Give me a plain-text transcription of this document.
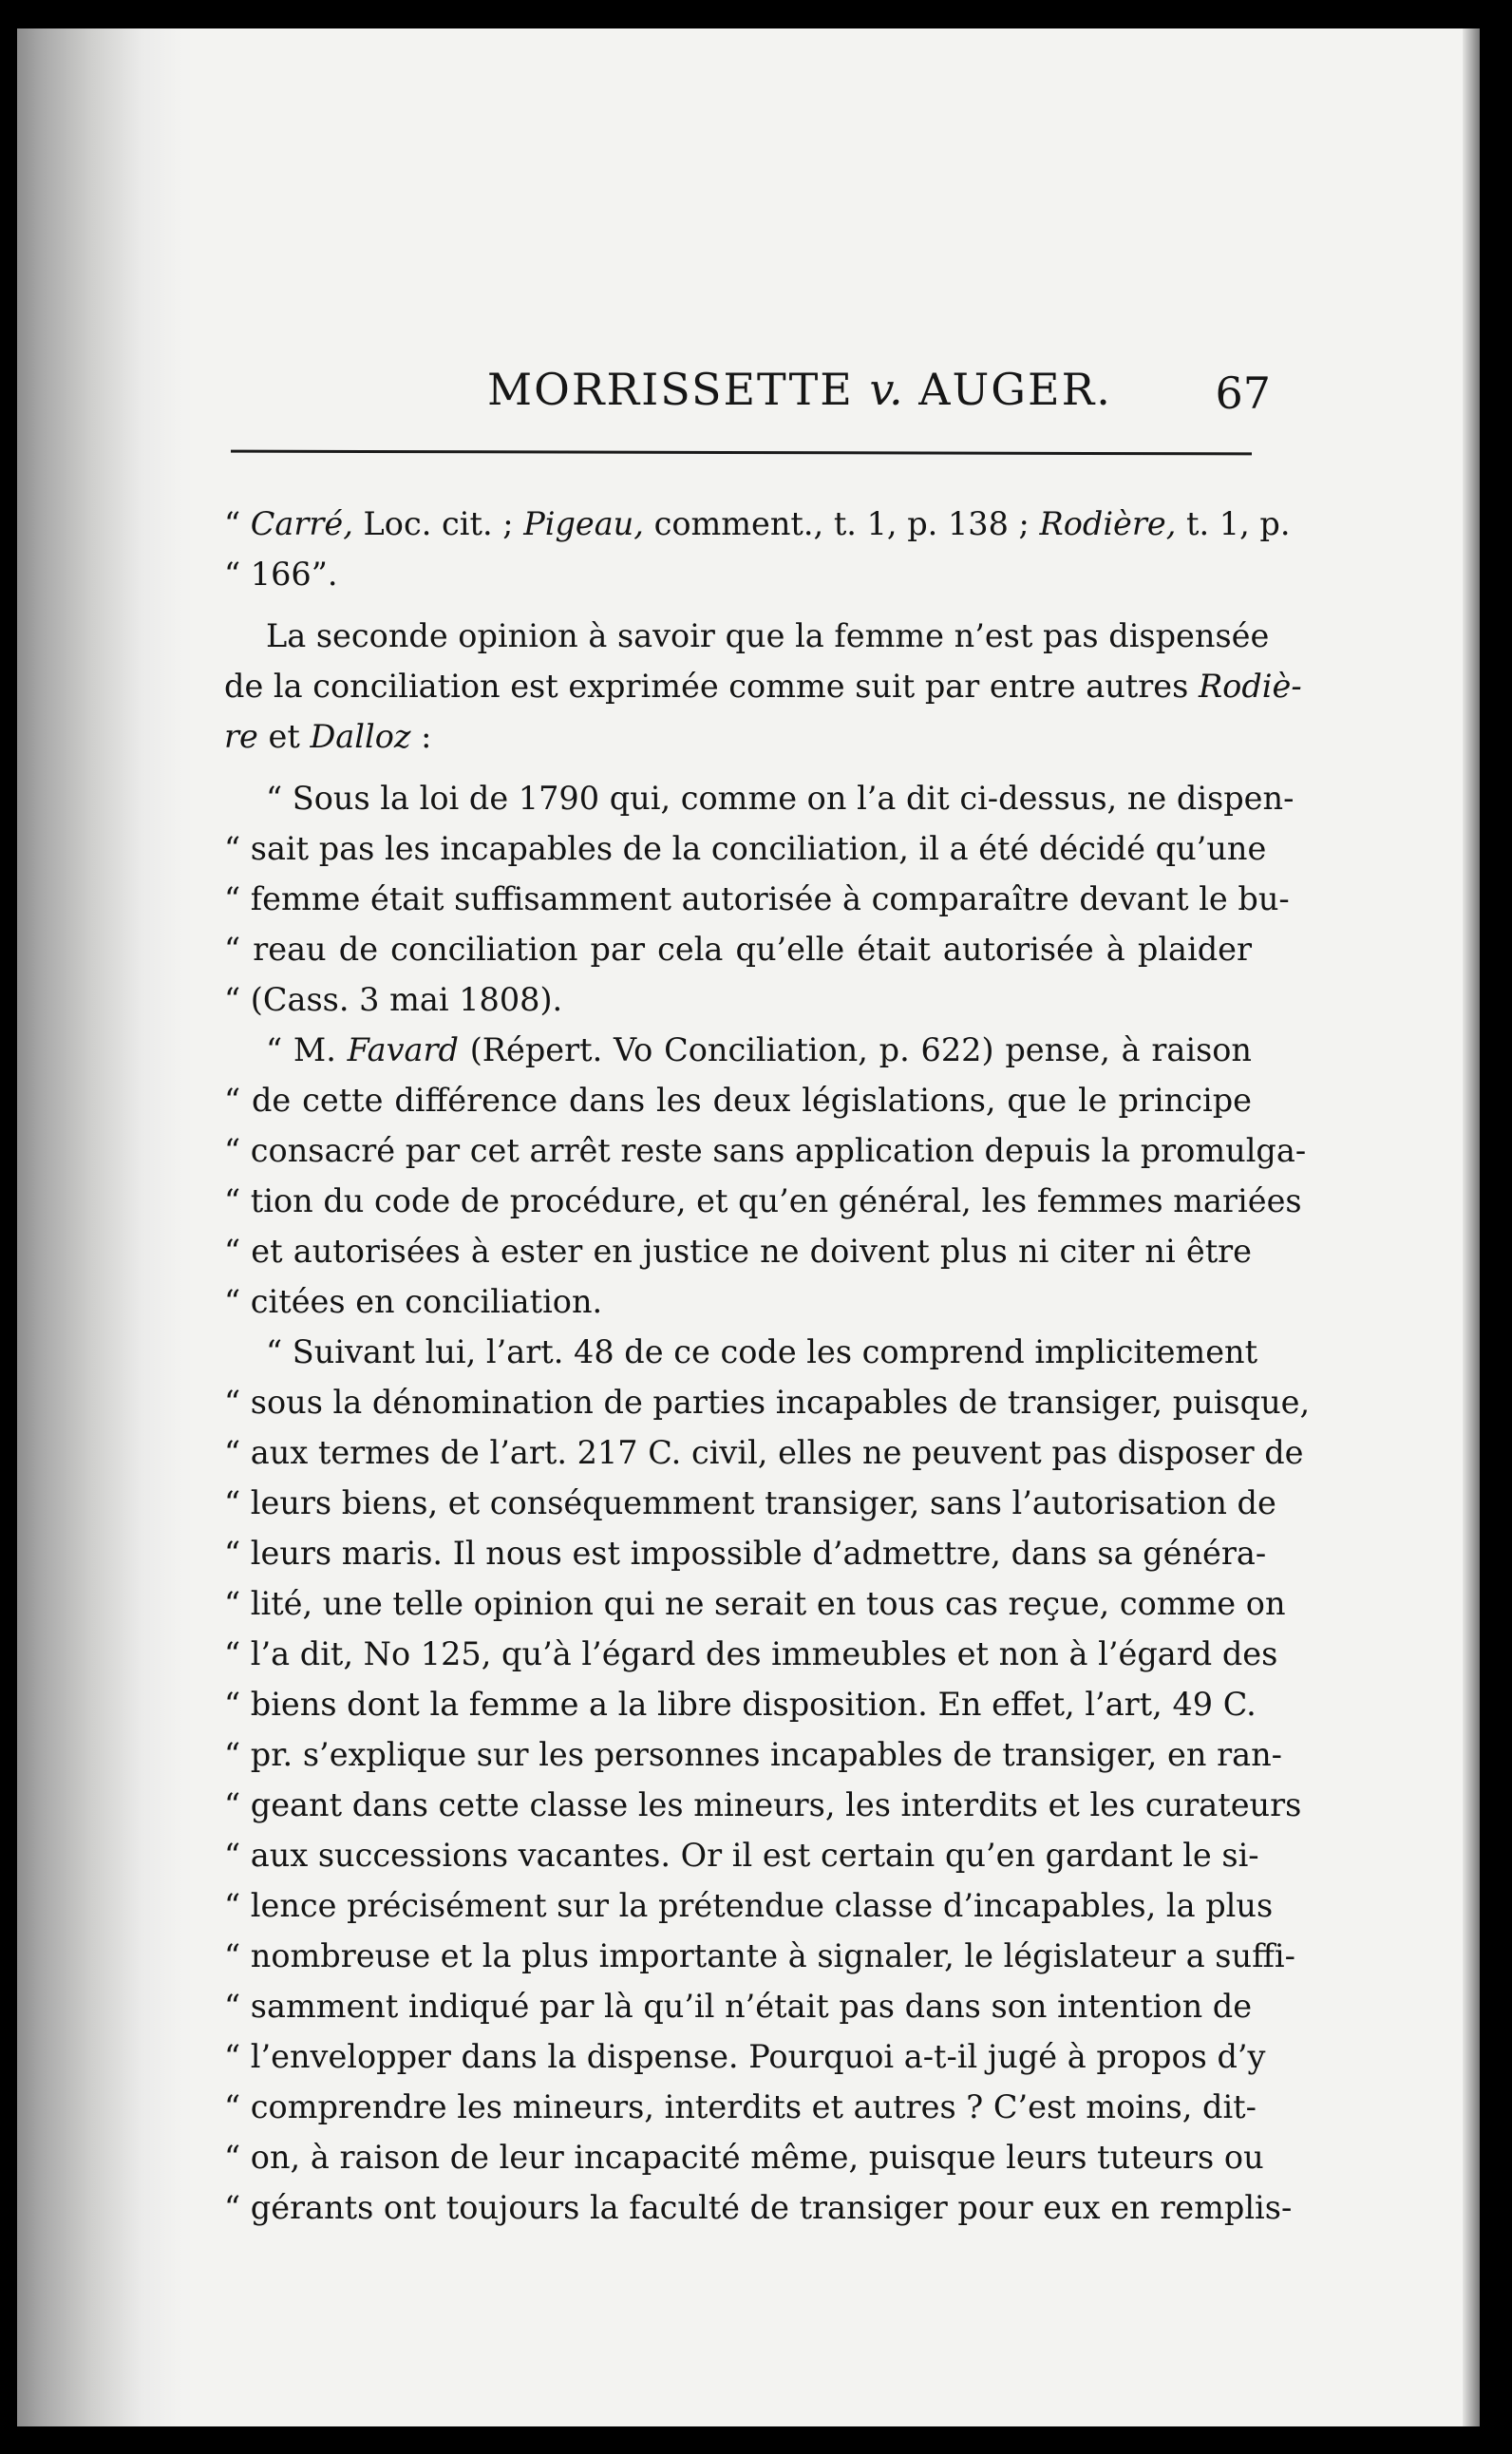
MORRISSETTE v. AUGER. 67
“ Carré, Loc. cit. ; Pigeau, comment., t. 1, p. 138 ; Rodière, t. 1, p.
“ 166”.
La seconde opinion à savoir que la femme n’est pas dispensée
de la conciliation est exprimée comme suit par entre autres Rodiè-
re et Dalloz :
“ Sous la loi de 1790 qui, comme on l’a dit ci-dessus, ne dispen-
“ sait pas les incapables de la conciliation, il a été décidé qu’une
“ femme était suffisamment autorisée à comparaître devant le bu-
“ reau de conciliation par cela qu’elle était autorisée à plaider
“ (Cass. 3 mai 1808).
“ M. Favard (Répert. Vo Conciliation, p. 622) pense, à raison
“ de cette différence dans les deux législations, que le principe
“ consacré par cet arrêt reste sans application depuis la promulga-
“ tion du code de procédure, et qu’en général, les femmes mariées
“ et autorisées à ester en justice ne doivent plus ni citer ni être
“ citées en conciliation.
“ Suivant lui, l’art. 48 de ce code les comprend implicitement
“ sous la dénomination de parties incapables de transiger, puisque,
“ aux termes de l’art. 217 C. civil, elles ne peuvent pas disposer de
“ leurs biens, et conséquemment transiger, sans l’autorisation de
“ leurs maris. Il nous est impossible d’admettre, dans sa généra-
“ lité, une telle opinion qui ne serait en tous cas reçue, comme on
“ l’a dit, No 125, qu’à l’égard des immeubles et non à l’égard des
“ biens dont la femme a la libre disposition. En effet, l’art, 49 C.
“ pr. s’explique sur les personnes incapables de transiger, en ran-
“ geant dans cette classe les mineurs, les interdits et les curateurs
“ aux successions vacantes. Or il est certain qu’en gardant le si-
“ lence précisément sur la prétendue classe d’incapables, la plus
“ nombreuse et la plus importante à signaler, le législateur a suffi-
“ samment indiqué par là qu’il n’était pas dans son intention de
“ l’envelopper dans la dispense. Pourquoi a-t-il jugé à propos d’y
“ comprendre les mineurs, interdits et autres ? C’est moins, dit-
“ on, à raison de leur incapacité même, puisque leurs tuteurs ou
“ gérants ont toujours la faculté de transiger pour eux en remplis-
